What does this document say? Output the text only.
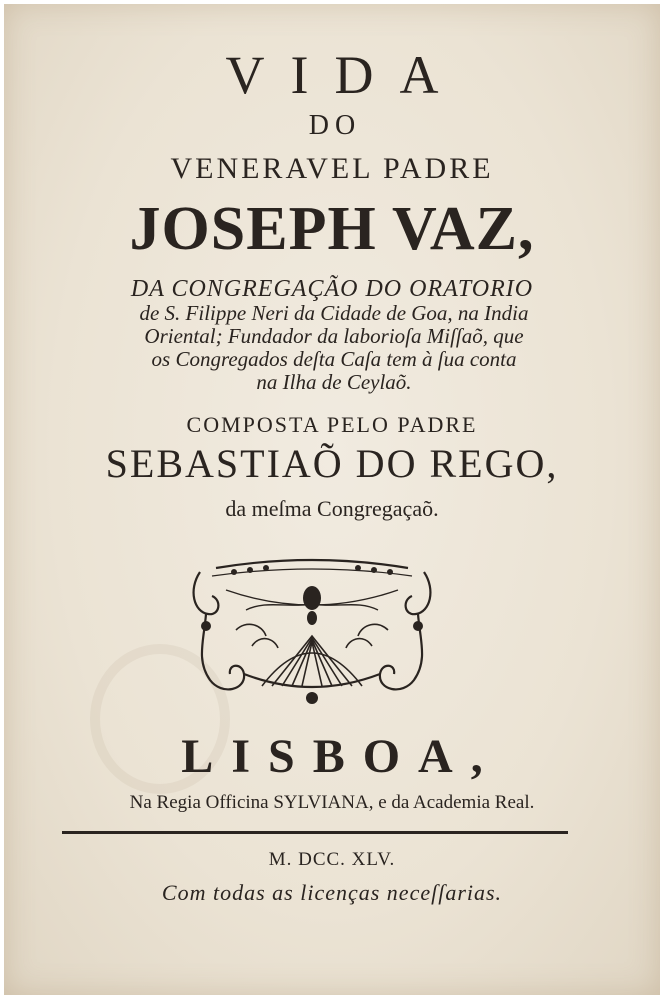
VIDA
DO
VENERAVEL PADRE
JOSEPH VAZ,
DA CONGREGAÇÃO DO ORATORIO
de S. Filippe Neri da Cidade de Goa, na India
Oriental; Fundador da laborioſa Miſſaõ, que
os Congregados deſta Caſa tem à ſua conta
na Ilha de Ceylaõ.
COMPOSTA PELO PADRE
SEBASTIAÕ DO REGO,
da meſma Congregaçaõ.
LISBOA,
Na Regia Officina SYLVIANA, e da Academia Real.
M. DCC. XLV.
Com todas as licenças neceſſarias.
